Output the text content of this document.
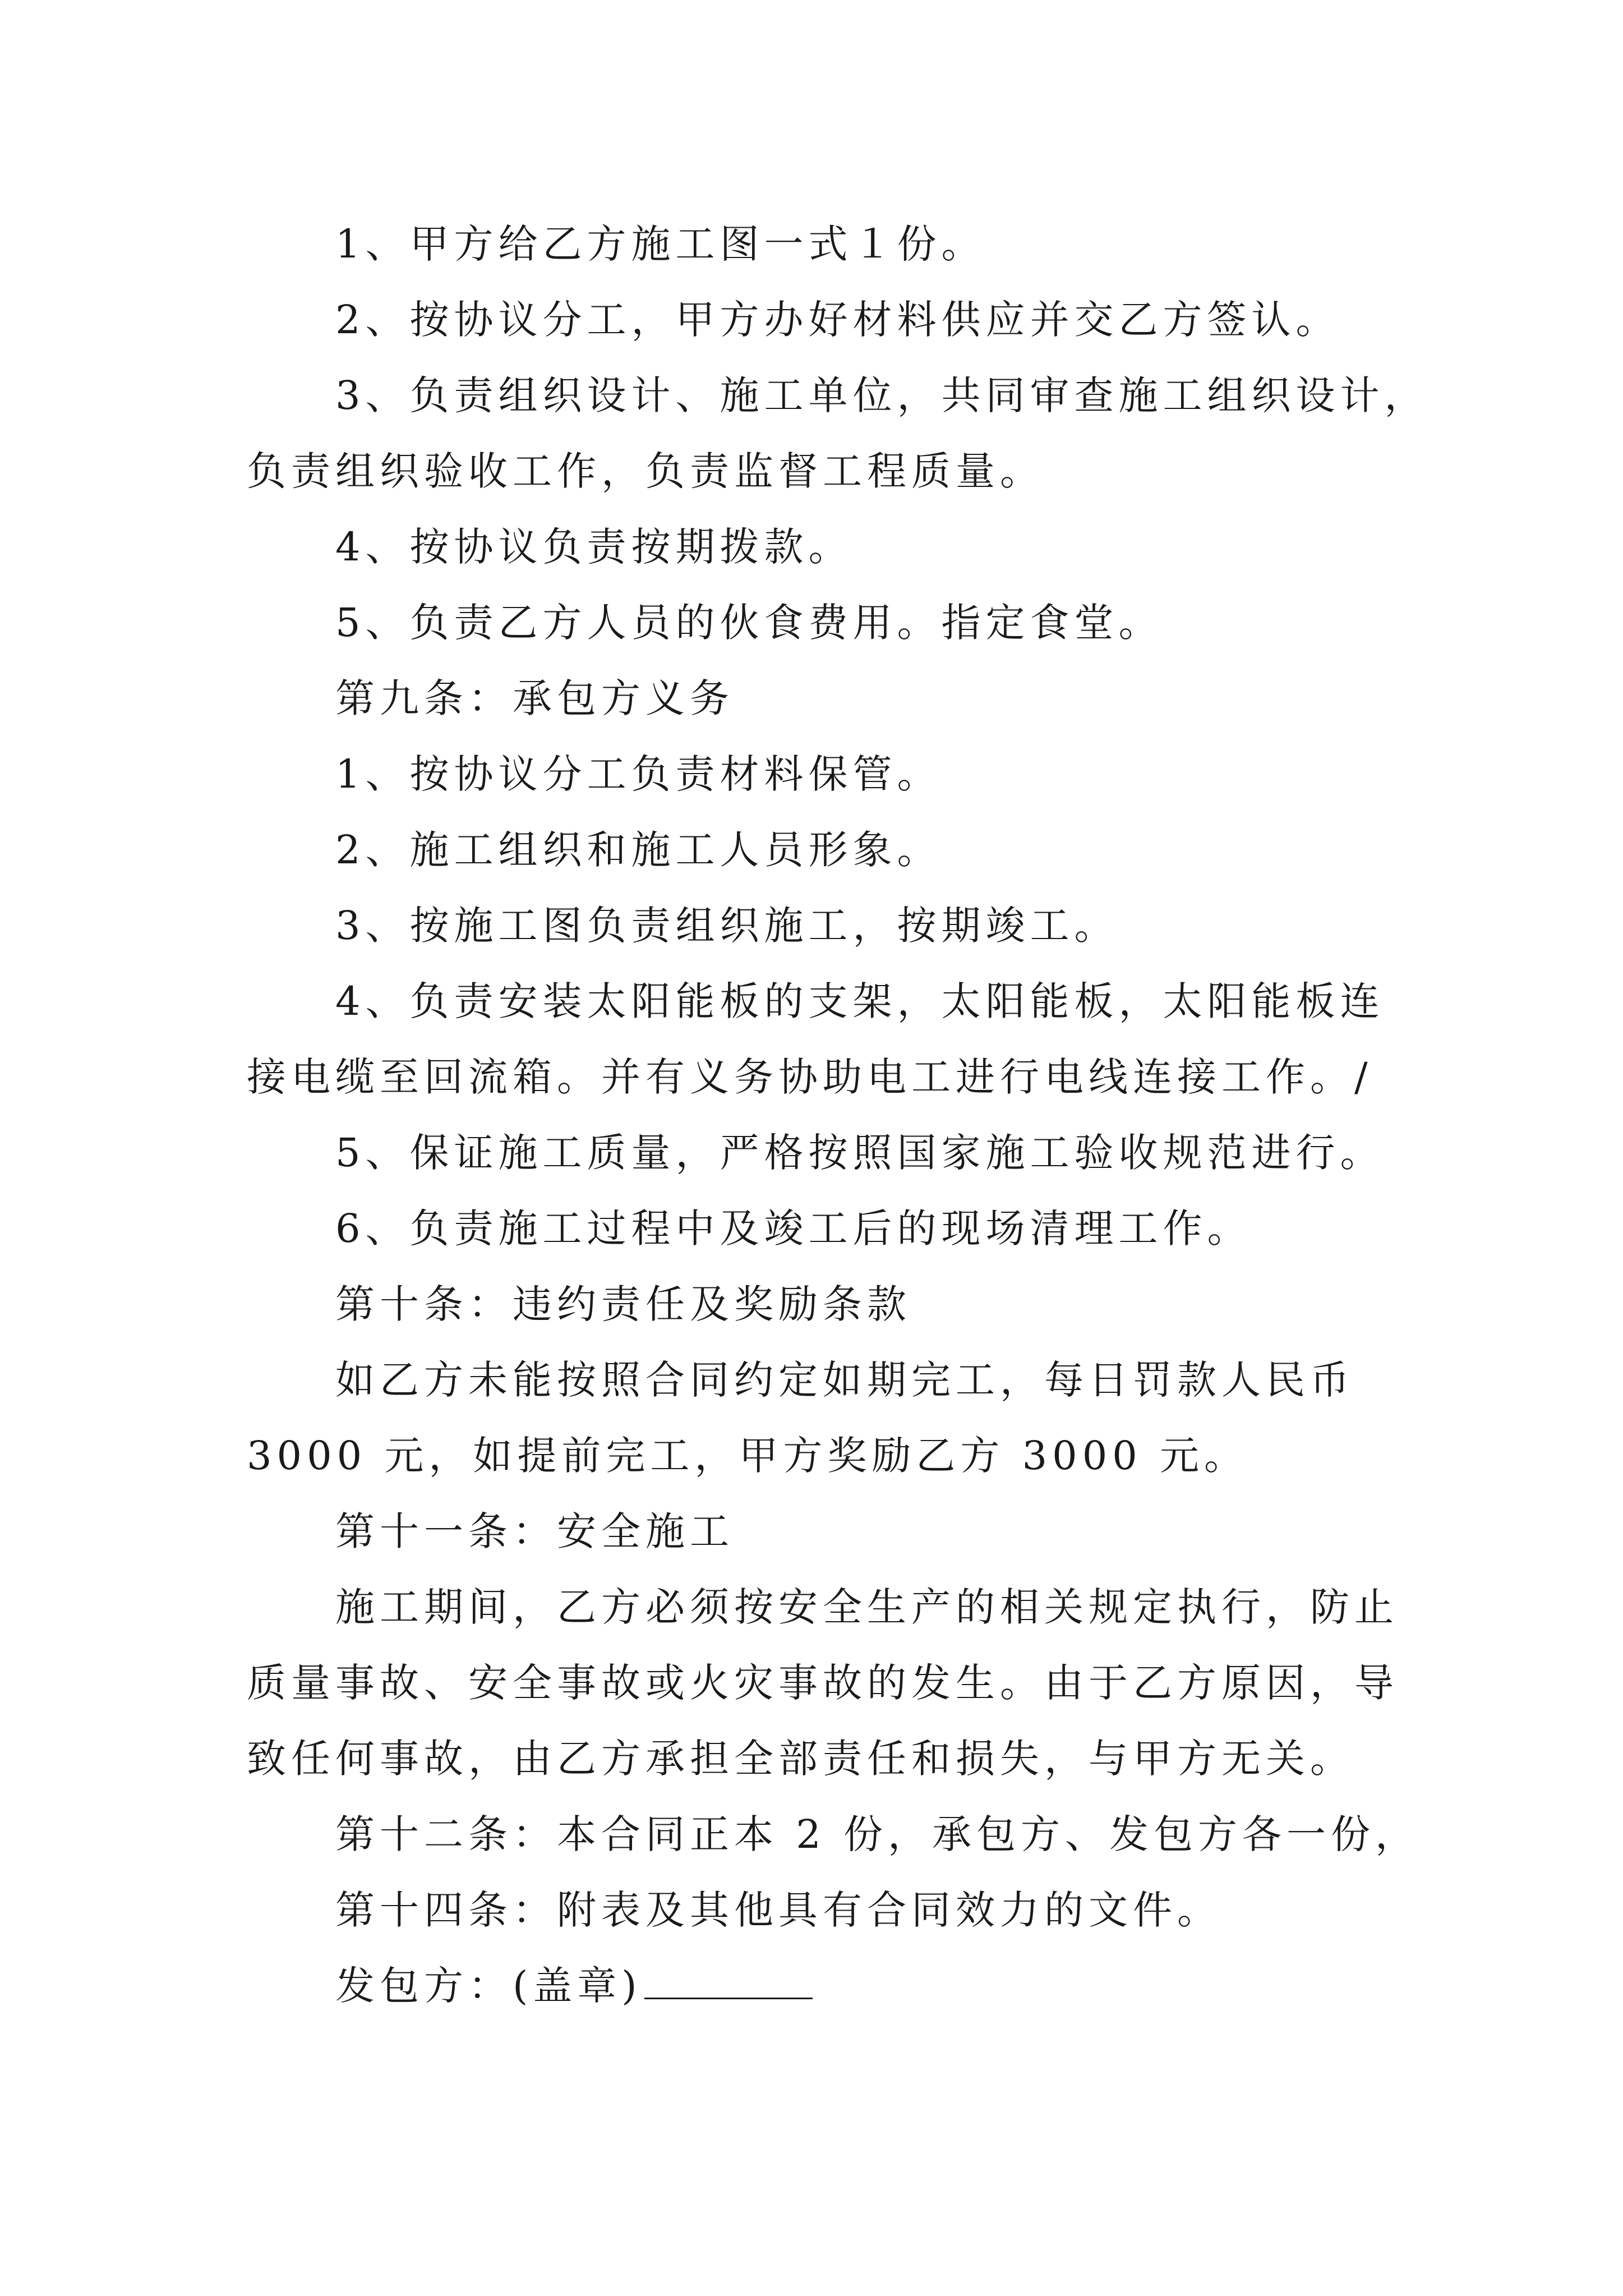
1、甲方给乙方施工图一式１份。
2、按协议分工，甲方办好材料供应并交乙方签认。
3、负责组织设计、施工单位，共同审查施工组织设计，
负责组织验收工作，负责监督工程质量。
4、按协议负责按期拨款。
5、负责乙方人员的伙食费用。指定食堂。
第九条：承包方义务
1、按协议分工负责材料保管。
2、施工组织和施工人员形象。
3、按施工图负责组织施工，按期竣工。
4、负责安装太阳能板的支架，太阳能板，太阳能板连
接电缆至回流箱。并有义务协助电工进行电线连接工作。/
5、保证施工质量，严格按照国家施工验收规范进行。
6、负责施工过程中及竣工后的现场清理工作。
第十条：违约责任及奖励条款
如乙方未能按照合同约定如期完工，每日罚款人民币
3000 元，如提前完工，甲方奖励乙方 3000 元。
第十一条：安全施工
施工期间，乙方必须按安全生产的相关规定执行，防止
质量事故、安全事故或火灾事故的发生。由于乙方原因，导
致任何事故，由乙方承担全部责任和损失，与甲方无关。
第十二条：本合同正本 2 份，承包方、发包方各一份，
第十四条：附表及其他具有合同效力的文件。
发包方：(盖章)
